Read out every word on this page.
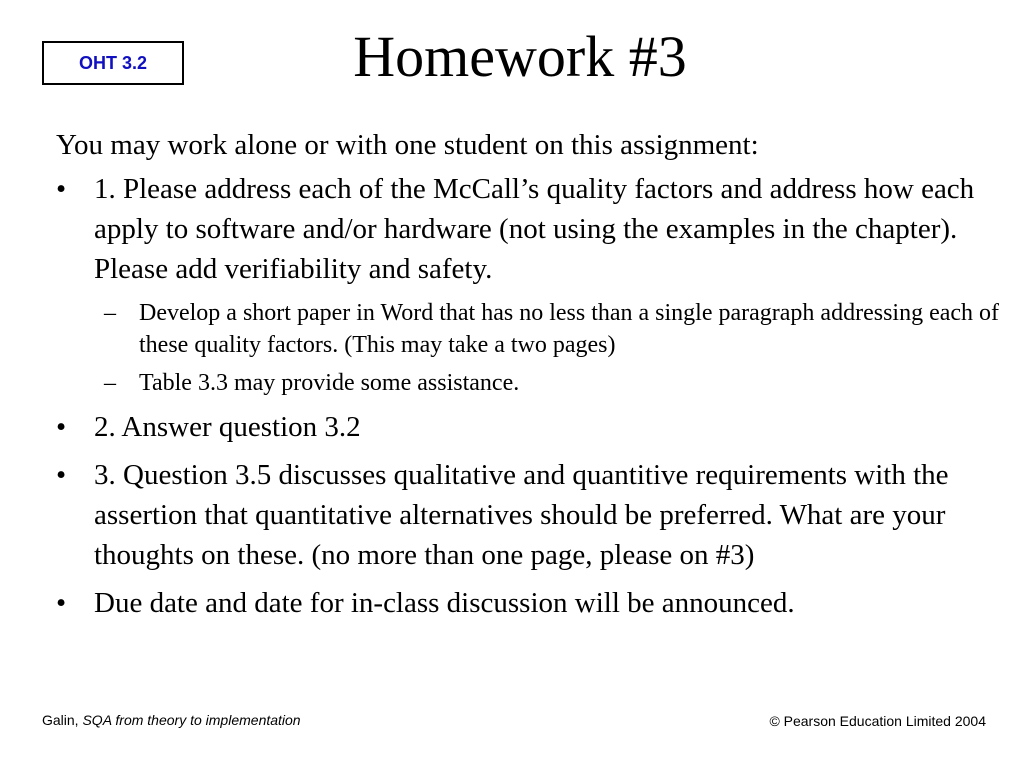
OHT 3.2	Homework #3

You may work alone or with one student on this assignment:

• 1. Please address each of the McCall’s quality factors and address how each apply to software and/or hardware (not using the examples in the chapter). Please add verifiability and safety.
– Develop a short paper in Word that has no less than a single paragraph addressing each of these quality factors. (This may take a two pages)
– Table 3.3 may provide some assistance.
• 2. Answer question 3.2
• 3. Question 3.5 discusses qualitative and quantitive requirements with the assertion that quantitative alternatives should be preferred. What are your thoughts on these. (no more than one page, please on #3)
• Due date and date for in-class discussion will be announced.
Galin, SQA from theory to implementation	© Pearson Education Limited 2004
